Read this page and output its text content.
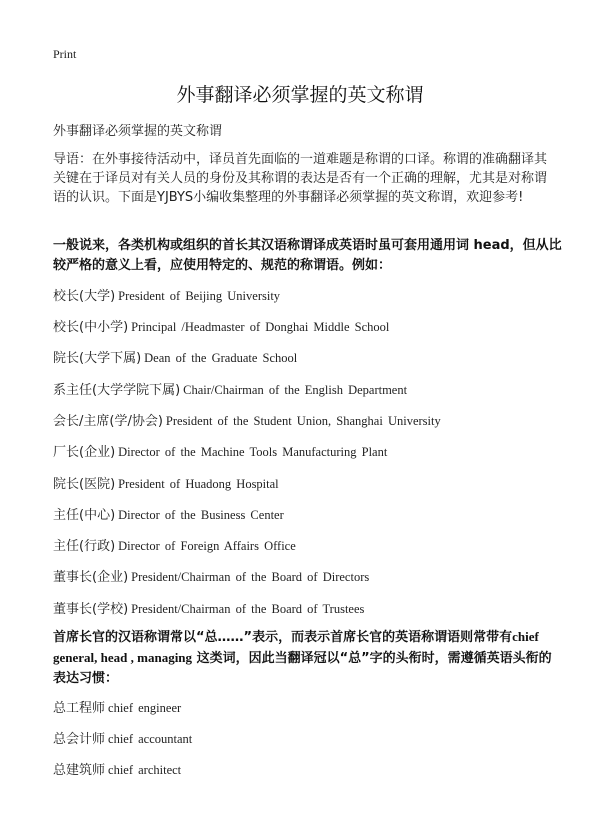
Print
外事翻译必须掌握的英文称谓

外事翻译必须掌握的英文称谓

导语：在外事接待活动中，译员首先面临的一道难题是称谓的口译。称谓的准确翻译其关键在于译员对有关人员的身份及其称谓的表达是否有一个正确的理解，尤其是对称谓语的认识。下面是YJBYS小编收集整理的外事翻译必须掌握的英文称谓，欢迎参考!

一般说来，各类机构或组织的首长其汉语称谓译成英语时虽可套用通用词 head，但从比较严格的意义上看，应使用特定的、规范的称谓语。例如：

校长(大学) President of Beijing University
校长(中小学) Principal /Headmaster of Donghai Middle School
院长(大学下属) Dean of the Graduate School
系主任(大学学院下属) Chair/Chairman of the English Department
会长/主席(学/协会) President of the Student Union, Shanghai University
厂长(企业) Director of the Machine Tools Manufacturing Plant
院长(医院) President of Huadong Hospital
主任(中心) Director of the Business Center
主任(行政) Director of Foreign Affairs Office
董事长(企业) President/Chairman of the Board of Directors
董事长(学校) President/Chairman of the Board of Trustees

首席长官的汉语称谓常以“总……”表示，而表示首席长官的英语称谓语则常带有chief general, head , managing 这类词，因此当翻译冠以“总”字的头衔时，需遵循英语头衔的表达习惯：

总工程师 chief engineer
总会计师 chief accountant
总建筑师 chief architect
